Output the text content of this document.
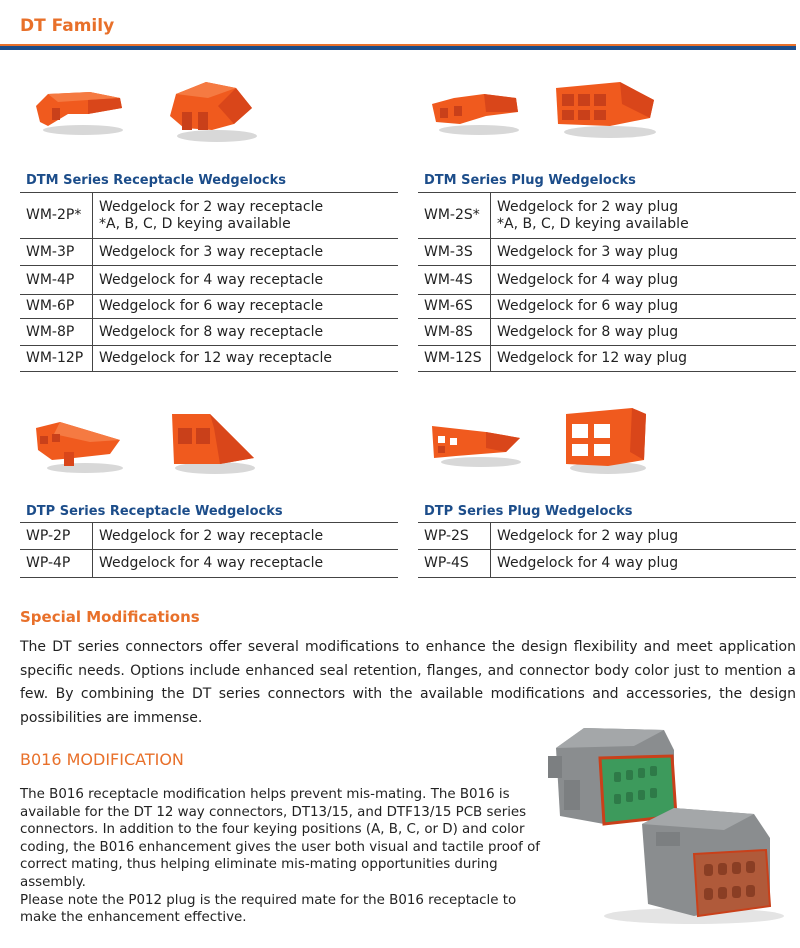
DT Family
DTM Series Receptacle Wedgelocks
WM-2P*	Wedgelock for 2 way receptacle
*A, B, C, D keying available

WM-3P	Wedgelock for 3 way receptacle
WM-4P	Wedgelock for 4 way receptacle
WM-6P	Wedgelock for 6 way receptacle
WM-8P	Wedgelock for 8 way receptacle
WM-12P	Wedgelock for 12 way receptacle
DTM Series Plug Wedgelocks
WM-2S*	Wedgelock for 2 way plug
*A, B, C, D keying available

WM-3S	Wedgelock for 3 way plug
WM-4S	Wedgelock for 4 way plug
WM-6S	Wedgelock for 6 way plug
WM-8S	Wedgelock for 8 way plug
WM-12S	Wedgelock for 12 way plug
DTP Series Receptacle Wedgelocks
WP-2P	Wedgelock for 2 way receptacle
WP-4P	Wedgelock for 4 way receptacle
DTP Series Plug Wedgelocks
WP-2S	Wedgelock for 2 way plug
WP-4S	Wedgelock for 4 way plug
Special Modifications
The DT series connectors offer several modifications to enhance the design flexibility and meet application specific needs. Options include enhanced seal retention, flanges, and connector body color just to mention a few. By combining the DT series connectors with the available modifications and accessories, the design possibilities are immense.
B016 MODIFICATION

The B016 receptacle modification helps prevent mis-mating. The B016 is available for the DT 12 way connectors, DT13/15, and DTF13/15 PCB series connectors. In addition to the four keying positions (A, B, C, or D) and color coding, the B016 enhancement gives the user both visual and tactile proof of correct mating, thus helping eliminate mis-mating opportunities during assembly.

Please note the P012 plug is the required mate for the B016 receptacle to make the enhancement effective.
